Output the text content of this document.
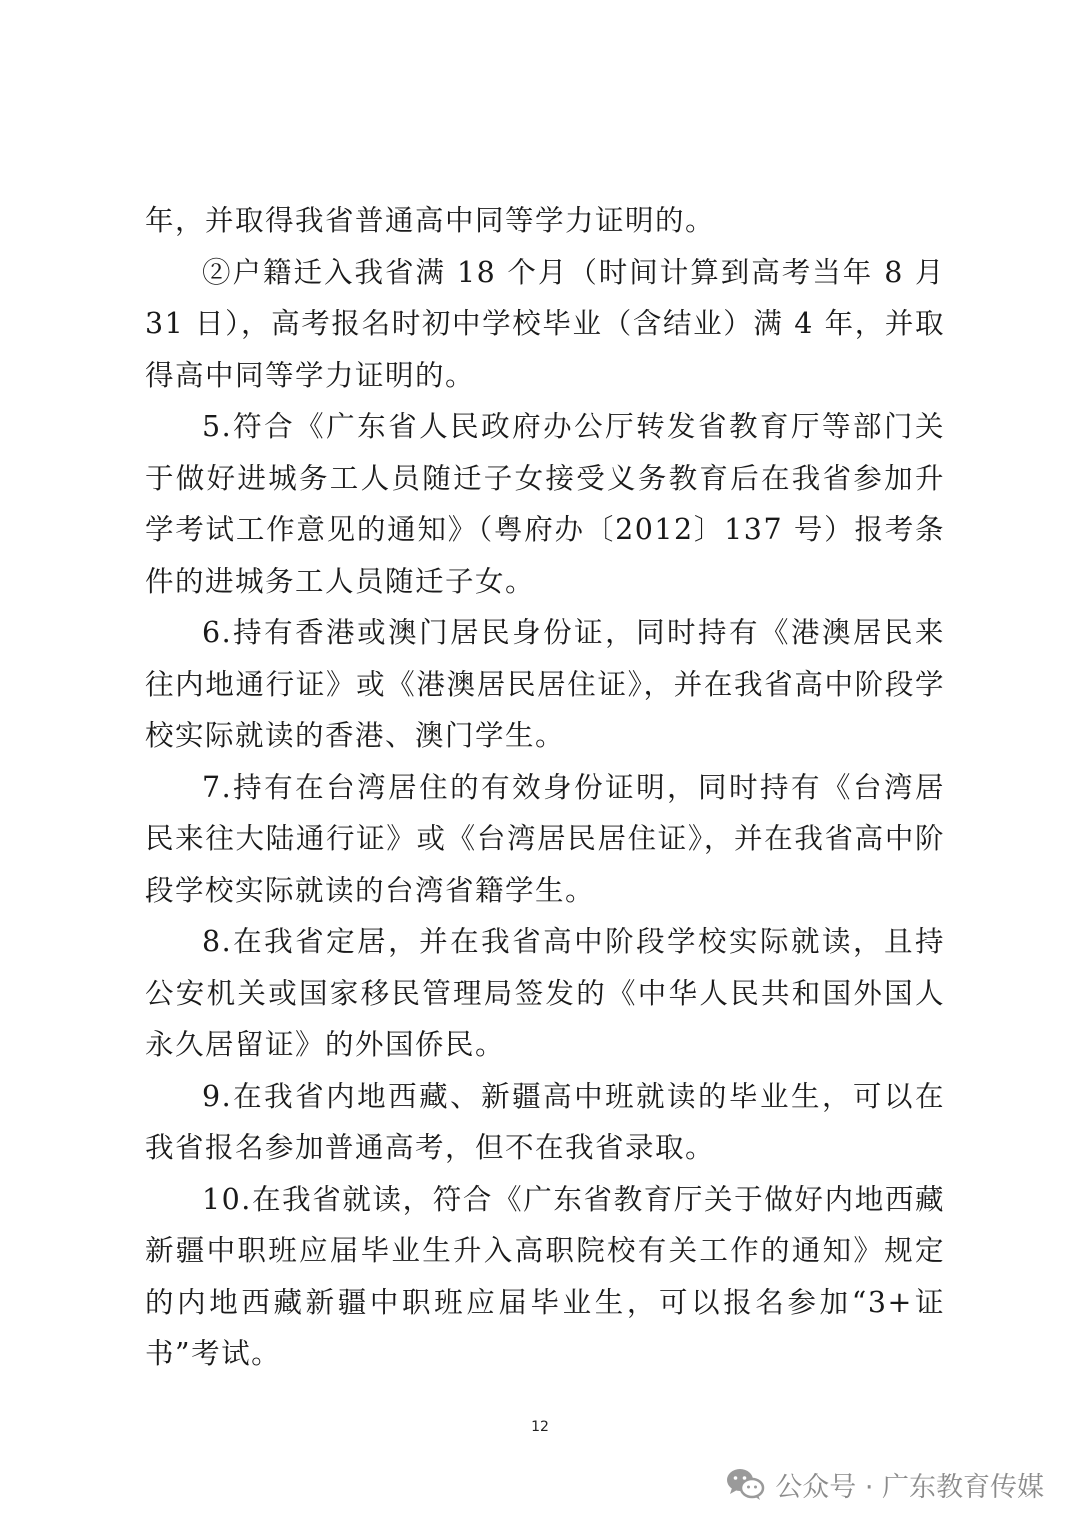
年，并取得我省普通高中同等学力证明的。

②户籍迁入我省满 18 个月（时间计算到高考当年 8 月 31 日），高考报名时初中学校毕业（含结业）满 4 年，并取得高中同等学力证明的。

5.符合《广东省人民政府办公厅转发省教育厅等部门关于做好进城务工人员随迁子女接受义务教育后在我省参加升学考试工作意见的通知》（粤府办〔2012〕137 号）报考条件的进城务工人员随迁子女。

6.持有香港或澳门居民身份证，同时持有《港澳居民来往内地通行证》或《港澳居民居住证》，并在我省高中阶段学校实际就读的香港、澳门学生。

7.持有在台湾居住的有效身份证明，同时持有《台湾居民来往大陆通行证》或《台湾居民居住证》，并在我省高中阶段学校实际就读的台湾省籍学生。

8.在我省定居，并在我省高中阶段学校实际就读，且持公安机关或国家移民管理局签发的《中华人民共和国外国人永久居留证》的外国侨民。

9.在我省内地西藏、新疆高中班就读的毕业生，可以在我省报名参加普通高考，但不在我省录取。

10.在我省就读，符合《广东省教育厅关于做好内地西藏新疆中职班应届毕业生升入高职院校有关工作的通知》规定的内地西藏新疆中职班应届毕业生，可以报名参加“3+证书”考试。

12
公众号 · 广东教育传媒
